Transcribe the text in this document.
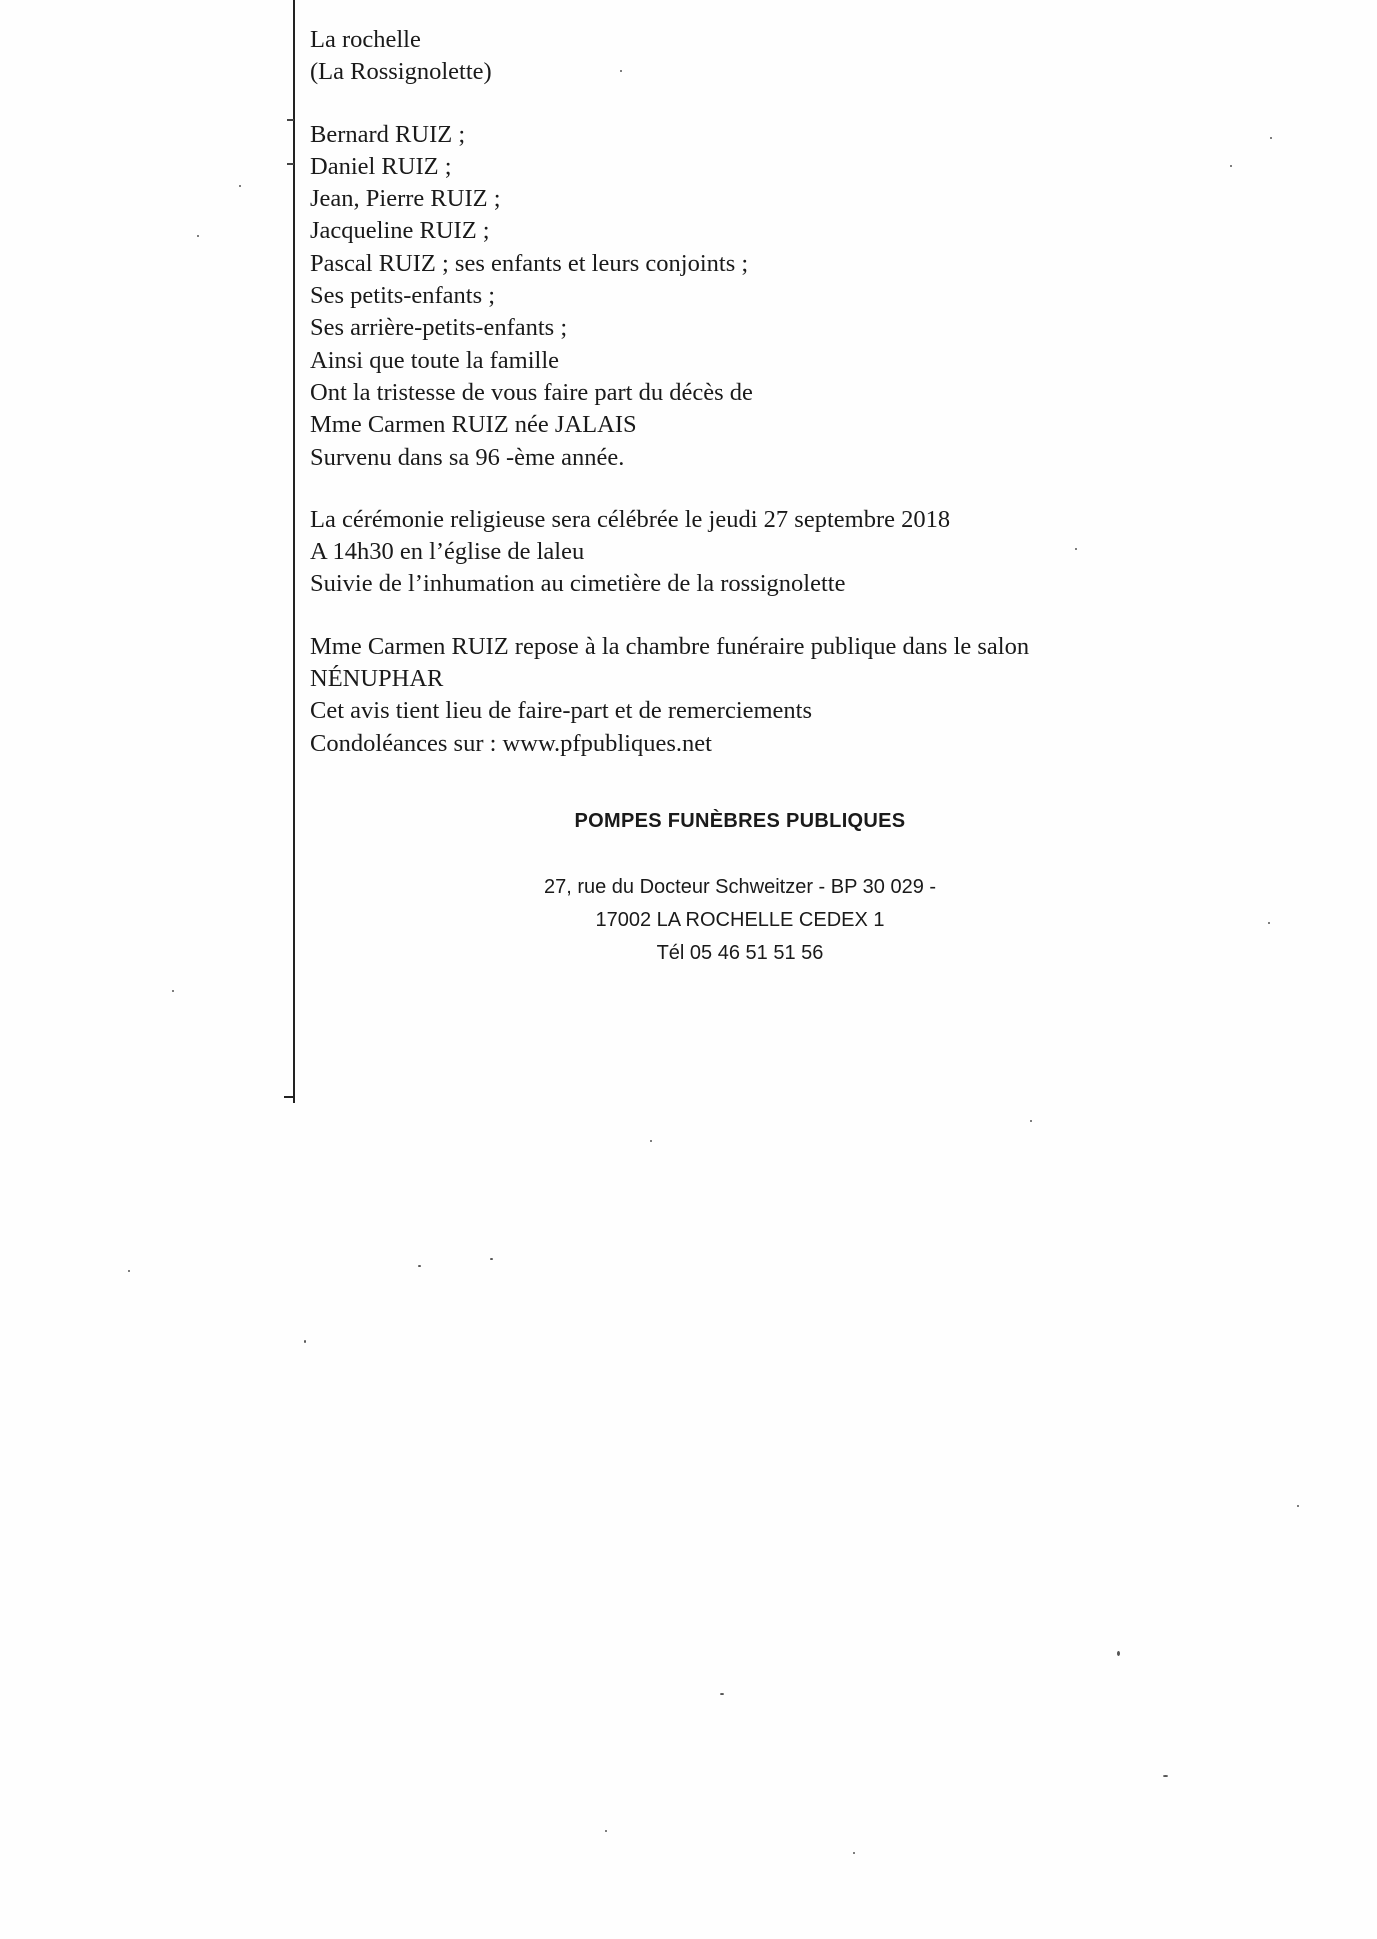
La rochelle

(La Rossignolette)

Bernard RUIZ ;

Daniel RUIZ ;

Jean, Pierre RUIZ ;

Jacqueline RUIZ ;

Pascal RUIZ ; ses enfants et leurs conjoints ;

Ses petits-enfants ;

Ses arrière-petits-enfants ;

Ainsi que toute la famille

Ont la tristesse de vous faire part du décès de

Mme Carmen RUIZ née JALAIS

Survenu dans sa 96 -ème année.

La cérémonie religieuse sera célébrée le jeudi 27 septembre 2018

A 14h30 en l’église de laleu

Suivie de l’inhumation au cimetière de la rossignolette

Mme Carmen RUIZ repose à la chambre funéraire publique dans le salon

NÉNUPHAR

Cet avis tient lieu de faire-part et de remerciements

Condoléances sur : www.pfpubliques.net

POMPES FUNÈBRES PUBLIQUES
27, rue du Docteur Schweitzer - BP 30 029 -
17002 LA ROCHELLE CEDEX 1
Tél 05 46 51 51 56
